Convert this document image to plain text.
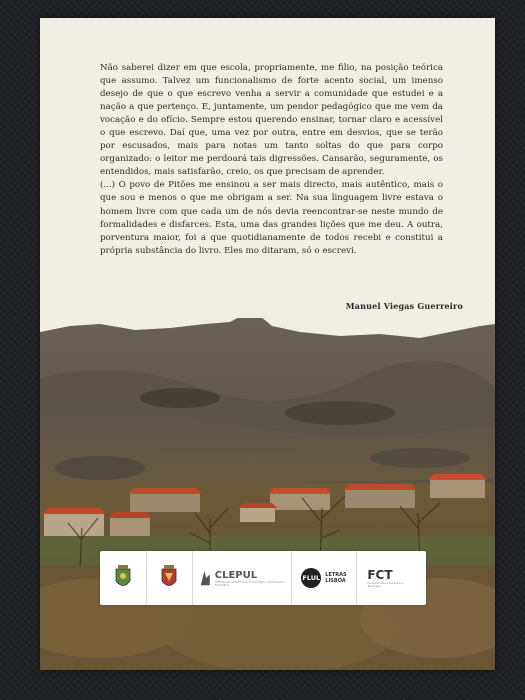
Não saberei dizer em que escola, propriamente, me filio, na posição teórica que assumo. Talvez um funcionalismo de forte acento social, um imenso desejo de que o que escrevo venha a servir a comunidade que estudei e a nação a que pertenço. E, juntamente, um pendor pedagógico que me vem da vocação e do ofício. Sempre estou querendo ensinar, tornar claro e acessível o que escrevo. Daí que, uma vez por outra, entre em desvios, que se terão por escusados, mais para notas um tanto soltas do que para corpo organizado: o leitor me perdoará tais digressões. Cansarão, seguramente, os entendidos, mais satisfarão, creio, os que precisam de aprender.

(...) O povo de Pitões me ensinou a ser mais directo, mais autêntico, mais o que sou e menos o que me obrigam a ser. Na sua linguagem livre estava o homem livre com que cada um de nós devia reencontrar-se neste mundo de formalidades e disfarces. Esta, uma das grandes lições que me deu. A outra, porventura maior, foi a que quotidianamente de todos recebi e constitui a própria substância do livro. Eles mo ditaram, só o escrevi.

Manuel Viegas Guerreiro
CLEPUL
CENTRO DE LITERATURAS E CULTURAS LUSÓFONAS E EUROPEIAS
FLUL LETRAS
LISBOA FCT
Fundação para a Ciência e a Tecnologia
